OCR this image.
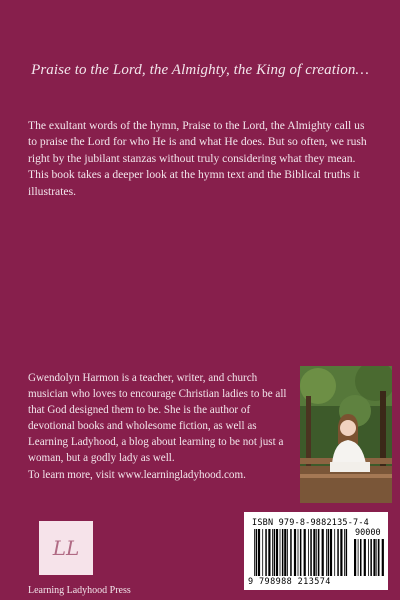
Praise to the Lord, the Almighty, the King of creation…
The exultant words of the hymn, Praise to the Lord, the Almighty call us to praise the Lord for who He is and what He does. But so often, we rush right by the jubilant stanzas without truly considering what they mean. This book takes a deeper look at the hymn text and the Biblical truths it illustrates.
Gwendolyn Harmon is a teacher, writer, and church musician who loves to encourage Christian ladies to be all that God designed them to be. She is the author of devotional books and wholesome fiction, as well as Learning Ladyhood, a blog about learning to be not just a woman, but a godly lady as well.
To learn more, visit www.learningladyhood.com.
LL
Learning Ladyhood Press
ISBN 979-8-9882135-7-4
90000
9 798988 213574
